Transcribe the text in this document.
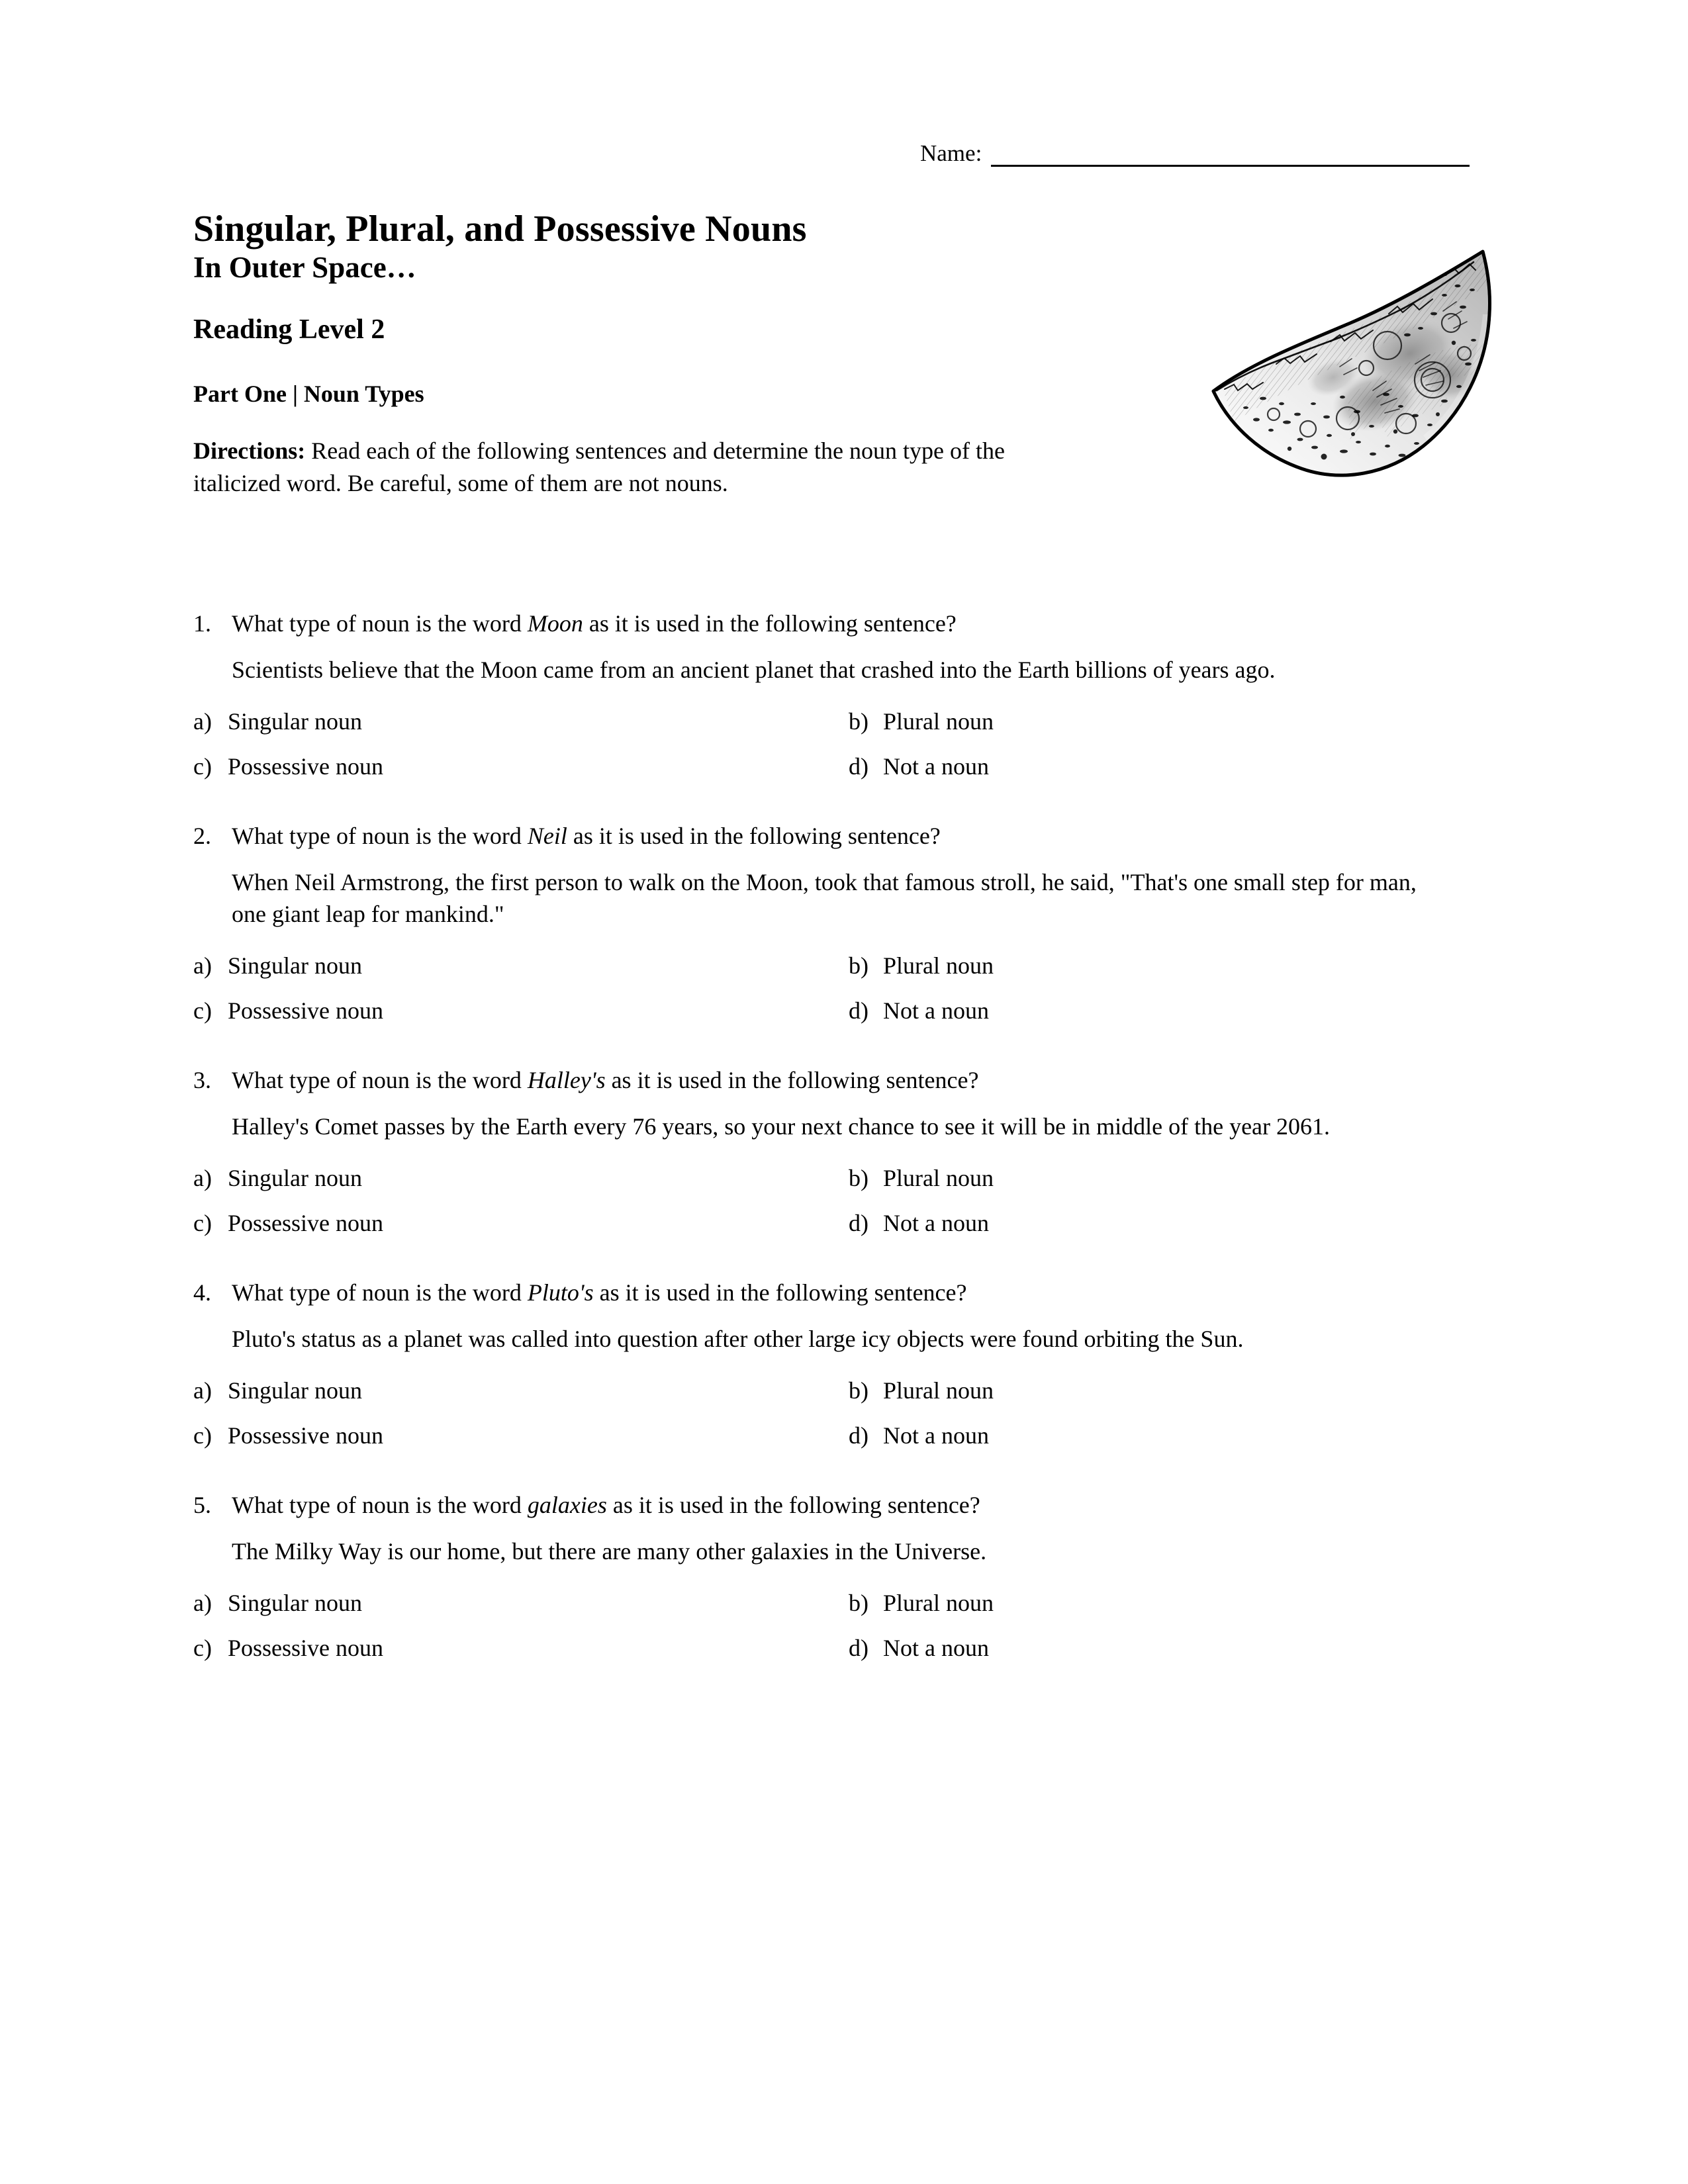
Name:
Singular, Plural, and Possessive Nouns
In Outer Space…
Reading Level 2
Part One | Noun Types

Directions: Read each of the following sentences and determine the noun type of the italicized word. Be careful, some of them are not nouns.

1. What type of noun is the word Moon as it is used in the following sentence?
Scientists believe that the Moon came from an ancient planet that crashed into the Earth billions of years ago.
a) Singular noun	b) Plural noun
c) Possessive noun	d) Not a noun
2. What type of noun is the word Neil as it is used in the following sentence?
When Neil Armstrong, the first person to walk on the Moon, took that famous stroll, he said, "That's one small step for man, one giant leap for mankind."
a) Singular noun	b) Plural noun
c) Possessive noun	d) Not a noun
3. What type of noun is the word Halley's as it is used in the following sentence?
Halley's Comet passes by the Earth every 76 years, so your next chance to see it will be in middle of the year 2061.
a) Singular noun	b) Plural noun
c) Possessive noun	d) Not a noun
4. What type of noun is the word Pluto's as it is used in the following sentence?
Pluto's status as a planet was called into question after other large icy objects were found orbiting the Sun.
a) Singular noun	b) Plural noun
c) Possessive noun	d) Not a noun
5. What type of noun is the word galaxies as it is used in the following sentence?
The Milky Way is our home, but there are many other galaxies in the Universe.
a) Singular noun	b) Plural noun
c) Possessive noun	d) Not a noun
